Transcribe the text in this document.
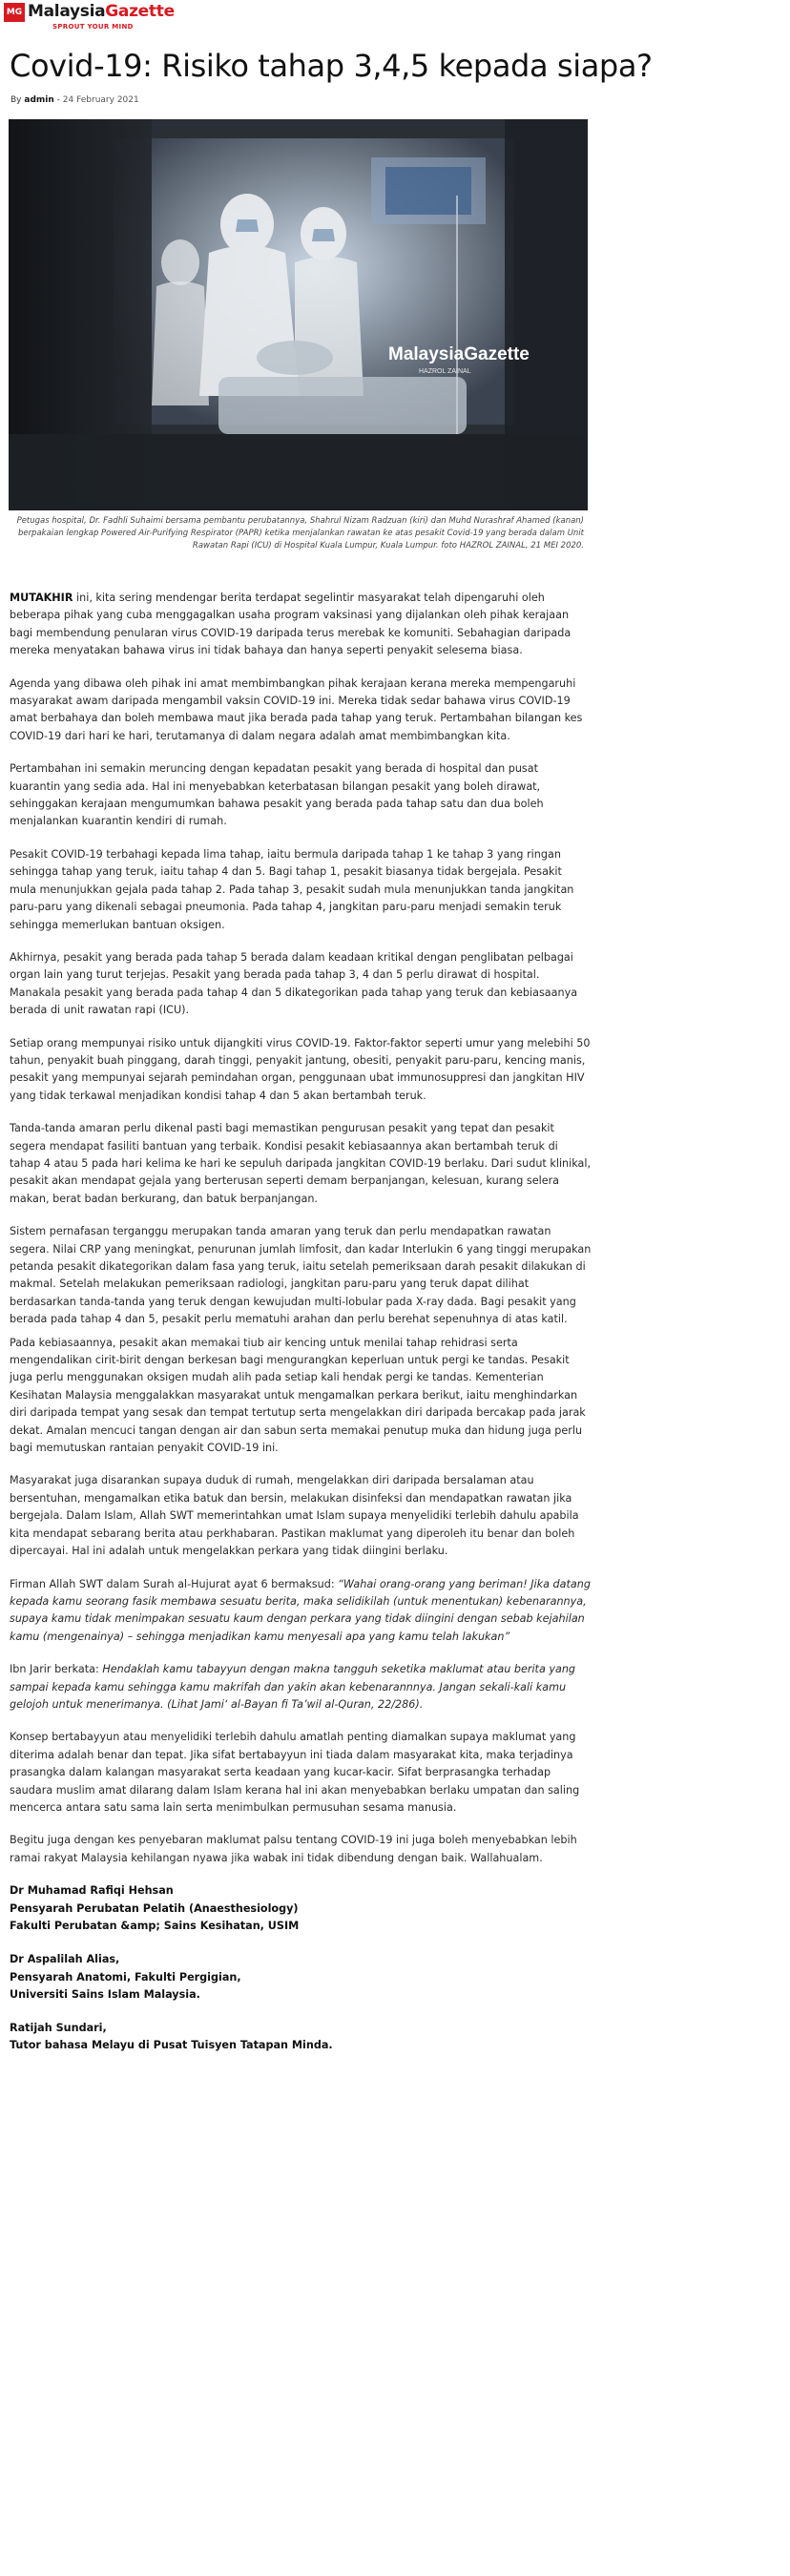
MG MalaysiaGazette
SPROUT YOUR MIND
Covid-19: Risiko tahap 3,4,5 kepada siapa?
By admin - 24 February 2021
MalaysiaGazette
HAZROL ZAINAL
Petugas hospital, Dr. Fadhli Suhaimi bersama pembantu perubatannya, Shahrul Nizam Radzuan (kiri) dan Muhd Nurashraf Ahamed (kanan) berpakaian lengkap Powered Air-Purifying Respirator (PAPR) ketika menjalankan rawatan ke atas pesakit Covid-19 yang berada dalam Unit Rawatan Rapi (ICU) di Hospital Kuala Lumpur, Kuala Lumpur. foto HAZROL ZAINAL, 21 MEI 2020.

MUTAKHIR ini, kita sering mendengar berita terdapat segelintir masyarakat telah dipengaruhi oleh beberapa pihak yang cuba menggagalkan usaha program vaksinasi yang dijalankan oleh pihak kerajaan bagi membendung penularan virus COVID-19 daripada terus merebak ke komuniti. Sebahagian daripada mereka menyatakan bahawa virus ini tidak bahaya dan hanya seperti penyakit selesema biasa.

Agenda yang dibawa oleh pihak ini amat membimbangkan pihak kerajaan kerana mereka mempengaruhi masyarakat awam daripada mengambil vaksin COVID-19 ini. Mereka tidak sedar bahawa virus COVID-19 amat berbahaya dan boleh membawa maut jika berada pada tahap yang teruk. Pertambahan bilangan kes COVID-19 dari hari ke hari, terutamanya di dalam negara adalah amat membimbangkan kita.

Pertambahan ini semakin meruncing dengan kepadatan pesakit yang berada di hospital dan pusat kuarantin yang sedia ada. Hal ini menyebabkan keterbatasan bilangan pesakit yang boleh dirawat, sehinggakan kerajaan mengumumkan bahawa pesakit yang berada pada tahap satu dan dua boleh menjalankan kuarantin kendiri di rumah.

Pesakit COVID-19 terbahagi kepada lima tahap, iaitu bermula daripada tahap 1 ke tahap 3 yang ringan sehingga tahap yang teruk, iaitu tahap 4 dan 5. Bagi tahap 1, pesakit biasanya tidak bergejala. Pesakit mula menunjukkan gejala pada tahap 2. Pada tahap 3, pesakit sudah mula menunjukkan tanda jangkitan paru-paru yang dikenali sebagai pneumonia. Pada tahap 4, jangkitan paru-paru menjadi semakin teruk sehingga memerlukan bantuan oksigen.

Akhirnya, pesakit yang berada pada tahap 5 berada dalam keadaan kritikal dengan penglibatan pelbagai organ lain yang turut terjejas. Pesakit yang berada pada tahap 3, 4 dan 5 perlu dirawat di hospital. Manakala pesakit yang berada pada tahap 4 dan 5 dikategorikan pada tahap yang teruk dan kebiasaanya berada di unit rawatan rapi (ICU).

Setiap orang mempunyai risiko untuk dijangkiti virus COVID-19. Faktor-faktor seperti umur yang melebihi 50 tahun, penyakit buah pinggang, darah tinggi, penyakit jantung, obesiti, penyakit paru-paru, kencing manis, pesakit yang mempunyai sejarah pemindahan organ, penggunaan ubat immunosuppresi dan jangkitan HIV yang tidak terkawal menjadikan kondisi tahap 4 dan 5 akan bertambah teruk.

Tanda-tanda amaran perlu dikenal pasti bagi memastikan pengurusan pesakit yang tepat dan pesakit segera mendapat fasiliti bantuan yang terbaik. Kondisi pesakit kebiasaannya akan bertambah teruk di tahap 4 atau 5 pada hari kelima ke hari ke sepuluh daripada jangkitan COVID-19 berlaku. Dari sudut klinikal, pesakit akan mendapat gejala yang berterusan seperti demam berpanjangan, kelesuan, kurang selera makan, berat badan berkurang, dan batuk berpanjangan.

Sistem pernafasan terganggu merupakan tanda amaran yang teruk dan perlu mendapatkan rawatan segera. Nilai CRP yang meningkat, penurunan jumlah limfosit, dan kadar Interlukin 6 yang tinggi merupakan petanda pesakit dikategorikan dalam fasa yang teruk, iaitu setelah pemeriksaan darah pesakit dilakukan di makmal. Setelah melakukan pemeriksaan radiologi, jangkitan paru-paru yang teruk dapat dilihat berdasarkan tanda-tanda yang teruk dengan kewujudan multi-lobular pada X-ray dada. Bagi pesakit yang berada pada tahap 4 dan 5, pesakit perlu mematuhi arahan dan perlu berehat sepenuhnya di atas katil.

Pada kebiasaannya, pesakit akan memakai tiub air kencing untuk menilai tahap rehidrasi serta mengendalikan cirit-birit dengan berkesan bagi mengurangkan keperluan untuk pergi ke tandas. Pesakit juga perlu menggunakan oksigen mudah alih pada setiap kali hendak pergi ke tandas. Kementerian Kesihatan Malaysia menggalakkan masyarakat untuk mengamalkan perkara berikut, iaitu menghindarkan diri daripada tempat yang sesak dan tempat tertutup serta mengelakkan diri daripada bercakap pada jarak dekat. Amalan mencuci tangan dengan air dan sabun serta memakai penutup muka dan hidung juga perlu bagi memutuskan rantaian penyakit COVID-19 ini.

Masyarakat juga disarankan supaya duduk di rumah, mengelakkan diri daripada bersalaman atau bersentuhan, mengamalkan etika batuk dan bersin, melakukan disinfeksi dan mendapatkan rawatan jika bergejala. Dalam Islam, Allah SWT memerintahkan umat Islam supaya menyelidiki terlebih dahulu apabila kita mendapat sebarang berita atau perkhabaran. Pastikan maklumat yang diperoleh itu benar dan boleh dipercayai. Hal ini adalah untuk mengelakkan perkara yang tidak diingini berlaku.

Firman Allah SWT dalam Surah al-Hujurat ayat 6 bermaksud: “Wahai orang-orang yang beriman! Jika datang kepada kamu seorang fasik membawa sesuatu berita, maka selidikilah (untuk menentukan) kebenarannya, supaya kamu tidak menimpakan sesuatu kaum dengan perkara yang tidak diingini dengan sebab kejahilan kamu (mengenainya) – sehingga menjadikan kamu menyesali apa yang kamu telah lakukan”

Ibn Jarir berkata: Hendaklah kamu tabayyun dengan makna tangguh seketika maklumat atau berita yang sampai kepada kamu sehingga kamu makrifah dan yakin akan kebenarannnya. Jangan sekali-kali kamu gelojoh untuk menerimanya. (Lihat Jami‘ al-Bayan fi Ta’wil al-Quran, 22/286).

Konsep bertabayyun atau menyelidiki terlebih dahulu amatlah penting diamalkan supaya maklumat yang diterima adalah benar dan tepat. Jika sifat bertabayyun ini tiada dalam masyarakat kita, maka terjadinya prasangka dalam kalangan masyarakat serta keadaan yang kucar-kacir. Sifat berprasangka terhadap saudara muslim amat dilarang dalam Islam kerana hal ini akan menyebabkan berlaku umpatan dan saling mencerca antara satu sama lain serta menimbulkan permusuhan sesama manusia.

Begitu juga dengan kes penyebaran maklumat palsu tentang COVID-19 ini juga boleh menyebabkan lebih ramai rakyat Malaysia kehilangan nyawa jika wabak ini tidak dibendung dengan baik. Wallahualam.

Dr Muhamad Rafiqi Hehsan
Pensyarah Perubatan Pelatih (Anaesthesiology)
Fakulti Perubatan &amp; Sains Kesihatan, USIM
Dr Aspalilah Alias,
Pensyarah Anatomi, Fakulti Pergigian,
Universiti Sains Islam Malaysia.
Ratijah Sundari,
Tutor bahasa Melayu di Pusat Tuisyen Tatapan Minda.
